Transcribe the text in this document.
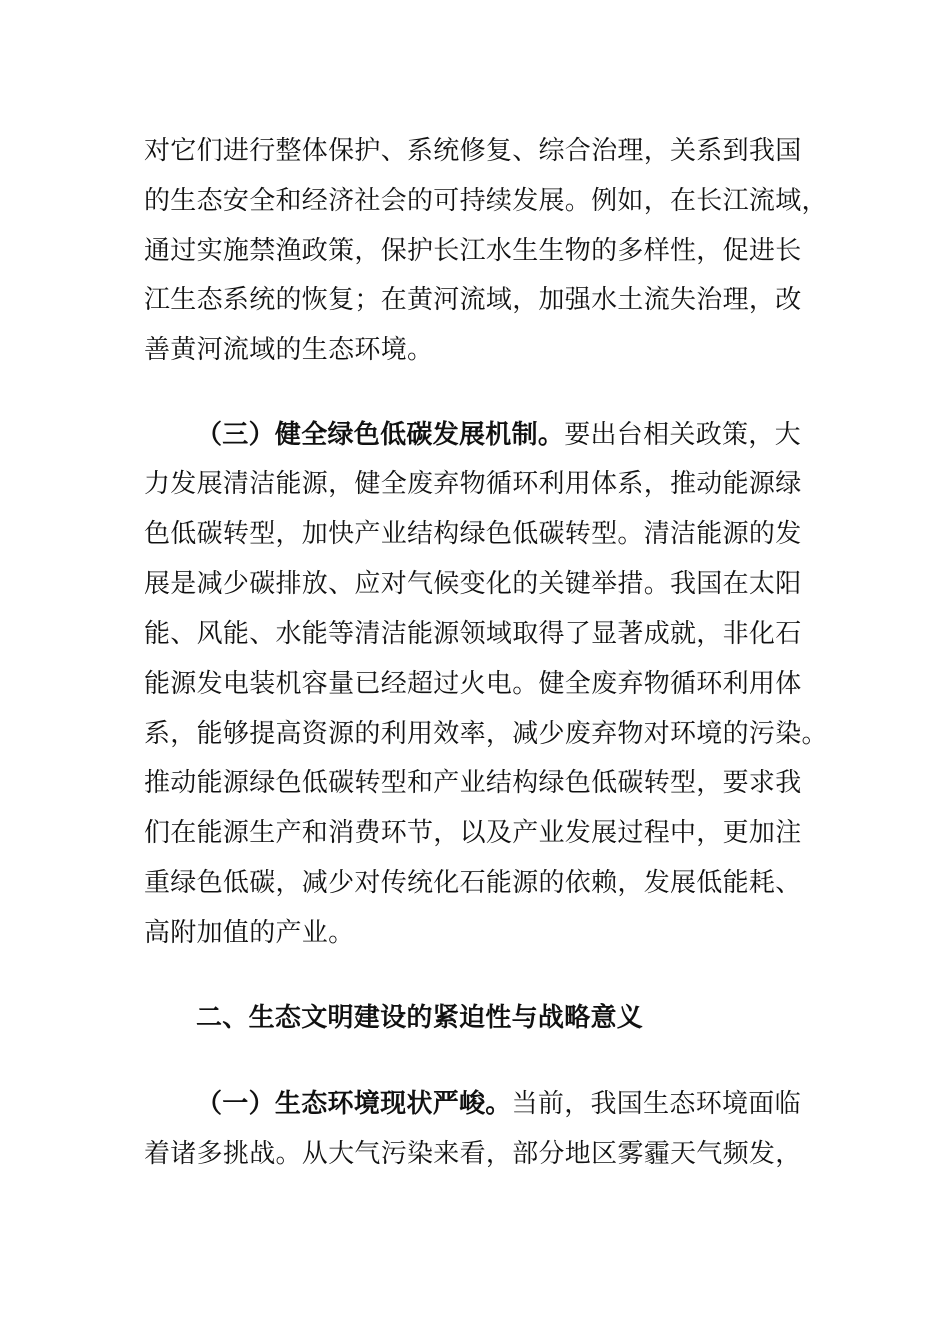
对它们进行整体保护、系统修复、综合治理，关系到我国
的生态安全和经济社会的可持续发展。例如，在长江流域，
通过实施禁渔政策，保护长江水生生物的多样性，促进长
江生态系统的恢复；在黄河流域，加强水土流失治理，改
善黄河流域的生态环境。
（三）健全绿色低碳发展机制。要出台相关政策，大
力发展清洁能源，健全废弃物循环利用体系，推动能源绿
色低碳转型，加快产业结构绿色低碳转型。清洁能源的发
展是减少碳排放、应对气候变化的关键举措。我国在太阳
能、风能、水能等清洁能源领域取得了显著成就，非化石
能源发电装机容量已经超过火电。健全废弃物循环利用体
系，能够提高资源的利用效率，减少废弃物对环境的污染。
推动能源绿色低碳转型和产业结构绿色低碳转型，要求我
们在能源生产和消费环节，以及产业发展过程中，更加注
重绿色低碳，减少对传统化石能源的依赖，发展低能耗、
高附加值的产业。
二、生态文明建设的紧迫性与战略意义
（一）生态环境现状严峻。当前，我国生态环境面临
着诸多挑战。从大气污染来看，部分地区雾霾天气频发，
